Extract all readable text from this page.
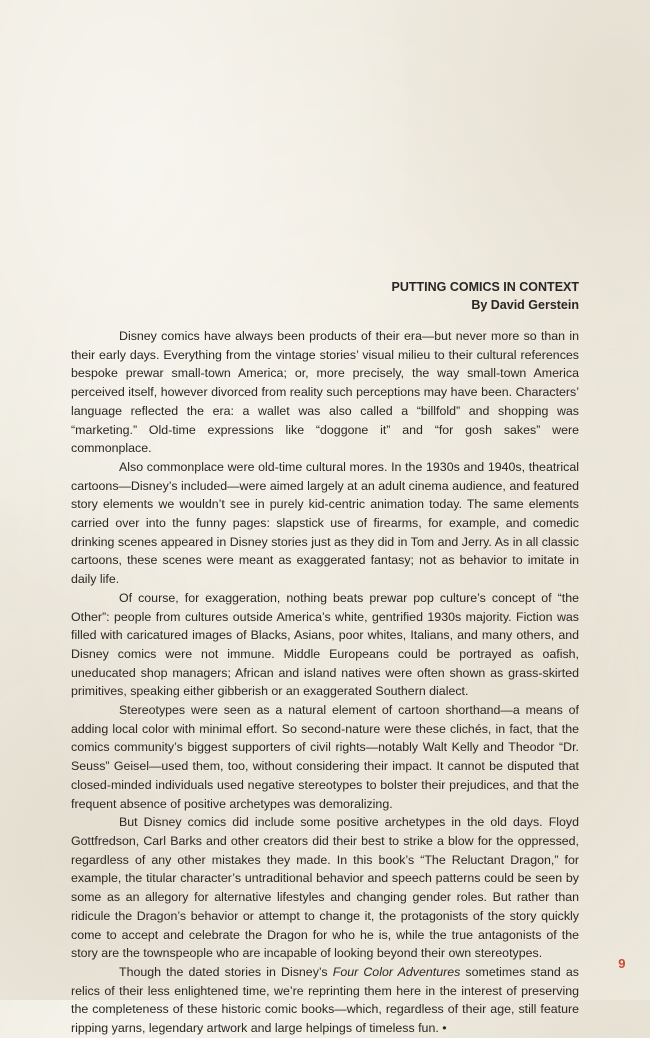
PUTTING COMICS IN CONTEXT
By David Gerstein

Disney comics have always been products of their era—but never more so than in their early days. Everything from the vintage stories’ visual milieu to their cultural references bespoke prewar small-town America; or, more precisely, the way small-town America perceived itself, however divorced from reality such perceptions may have been. Characters’ language reflected the era: a wallet was also called a “billfold” and shopping was “marketing.” Old-time expressions like “doggone it” and “for gosh sakes” were commonplace.

Also commonplace were old-time cultural mores. In the 1930s and 1940s, theatrical cartoons—Disney’s included—were aimed largely at an adult cinema audience, and featured story elements we wouldn’t see in purely kid-centric animation today. The same elements carried over into the funny pages: slapstick use of firearms, for example, and comedic drinking scenes appeared in Disney stories just as they did in Tom and Jerry. As in all classic cartoons, these scenes were meant as exaggerated fantasy; not as behavior to imitate in daily life.

Of course, for exaggeration, nothing beats prewar pop culture’s concept of “the Other”: people from cultures outside America’s white, gentrified 1930s majority. Fiction was filled with caricatured images of Blacks, Asians, poor whites, Italians, and many others, and Disney comics were not immune. Middle Europeans could be portrayed as oafish, uneducated shop managers; African and island natives were often shown as grass-skirted primitives, speaking either gibberish or an exaggerated Southern dialect.

Stereotypes were seen as a natural element of cartoon shorthand—a means of adding local color with minimal effort. So second-nature were these clichés, in fact, that the comics community’s biggest supporters of civil rights—notably Walt Kelly and Theodor “Dr. Seuss” Geisel—used them, too, without considering their impact. It cannot be disputed that closed-minded individuals used negative stereotypes to bolster their prejudices, and that the frequent absence of positive archetypes was demoralizing.

But Disney comics did include some positive archetypes in the old days. Floyd Gottfredson, Carl Barks and other creators did their best to strike a blow for the oppressed, regardless of any other mistakes they made. In this book’s “The Reluctant Dragon,” for example, the titular character’s untraditional behavior and speech patterns could be seen by some as an allegory for alternative lifestyles and changing gender roles. But rather than ridicule the Dragon’s behavior or attempt to change it, the protagonists of the story quickly come to accept and celebrate the Dragon for who he is, while the true antagonists of the story are the townspeople who are incapable of looking beyond their own stereotypes.

Though the dated stories in Disney’s Four Color Adventures sometimes stand as relics of their less enlightened time, we’re reprinting them here in the interest of preserving the completeness of these historic comic books—which, regardless of their age, still feature ripping yarns, legendary artwork and large helpings of timeless fun. •

9
